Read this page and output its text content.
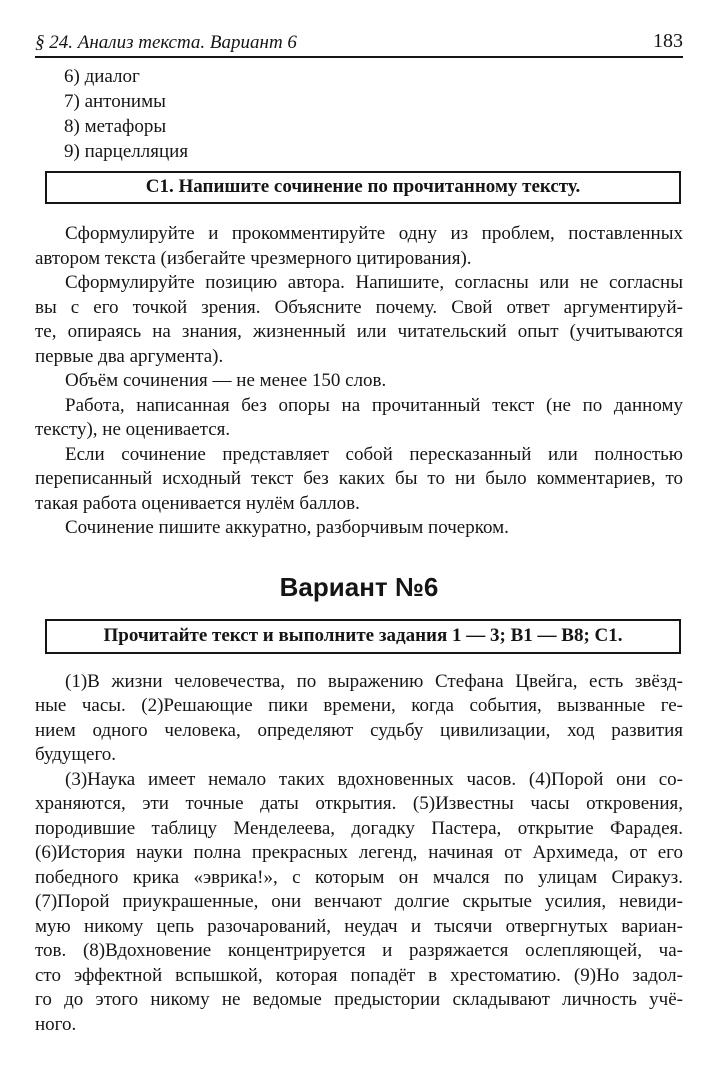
§ 24. Анализ текста. Вариант 6	183
6) диалог
7) антонимы
8) метафоры
9) парцелляция
С1. Напишите сочинение по прочитанному тексту.

Сформулируйте и прокомментируйте одну из проблем, поставленных
автором текста (избегайте чрезмерного цитирования).

Сформулируйте позицию автора. Напишите, согласны или не согласны
вы с его точкой зрения. Объясните почему. Свой ответ аргументируй-
те, опираясь на знания, жизненный или читательский опыт (учитываются
первые два аргумента).

Объём сочинения — не менее 150 слов.

Работа, написанная без опоры на прочитанный текст (не по данному
тексту), не оценивается.

Если сочинение представляет собой пересказанный или полностью
переписанный исходный текст без каких бы то ни было комментариев, то
такая работа оценивается нулём баллов.

Сочинение пишите аккуратно, разборчивым почерком.

Вариант №6
Прочитайте текст и выполните задания 1 — 3; В1 — В8; С1.

(1)В жизни человечества, по выражению Стефана Цвейга, есть звёзд-
ные часы. (2)Решающие пики времени, когда события, вызванные ге-
нием одного человека, определяют судьбу цивилизации, ход развития
будущего.

(3)Наука имеет немало таких вдохновенных часов. (4)Порой они со-
храняются, эти точные даты открытия. (5)Известны часы откровения,
породившие таблицу Менделеева, догадку Пастера, открытие Фарадея.
(6)История науки полна прекрасных легенд, начиная от Архимеда, от его
победного крика «эврика!», с которым он мчался по улицам Сиракуз.
(7)Порой приукрашенные, они венчают долгие скрытые усилия, невиди-
мую никому цепь разочарований, неудач и тысячи отвергнутых вариан-
тов. (8)Вдохновение концентрируется и разряжается ослепляющей, ча-
сто эффектной вспышкой, которая попадёт в хрестоматию. (9)Но задол-
го до этого никому не ведомые предыстории складывают личность учё-
ного.
